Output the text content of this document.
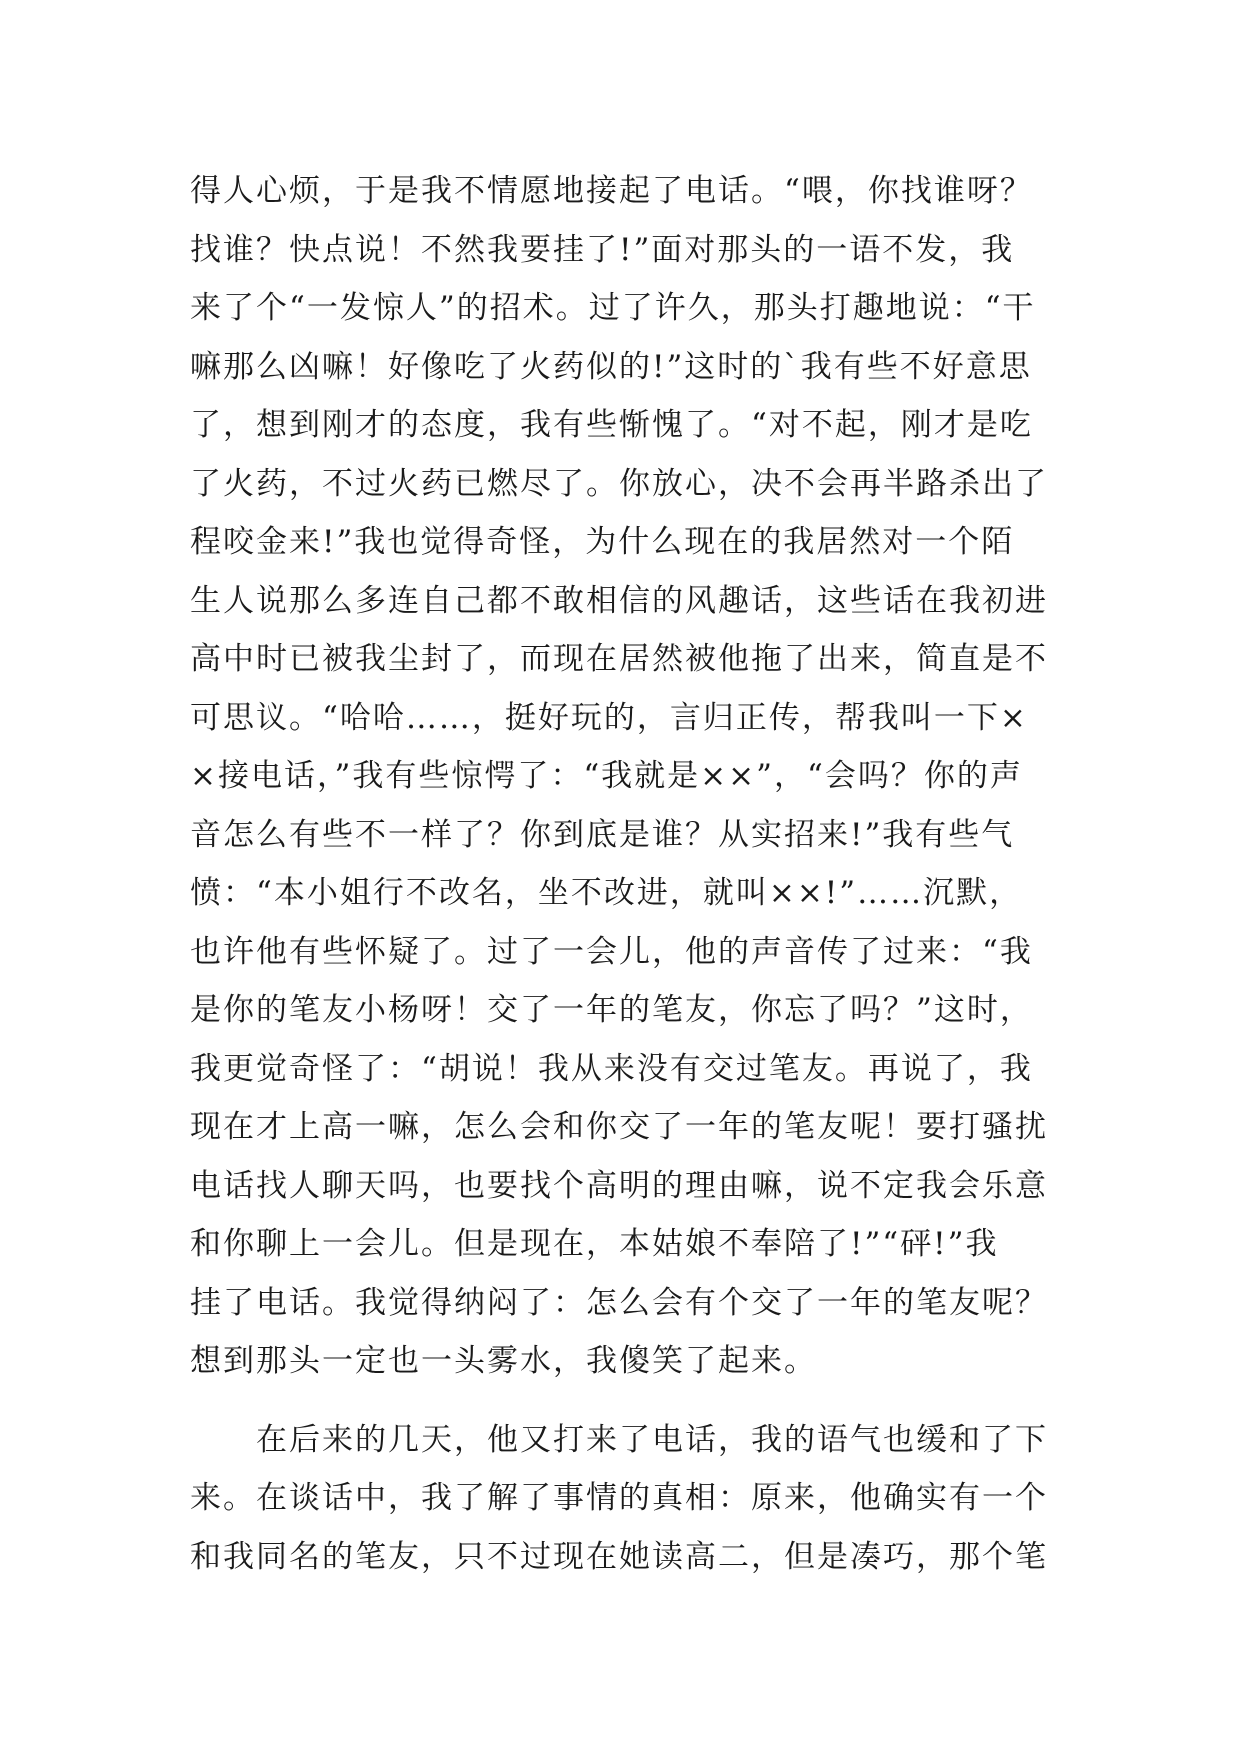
得人心烦，于是我不情愿地接起了电话。“喂，你找谁呀？
找谁？快点说！不然我要挂了!”面对那头的一语不发，我
来了个“一发惊人”的招术。过了许久，那头打趣地说：“干
嘛那么凶嘛！好像吃了火药似的!”这时的`我有些不好意思
了，想到刚才的态度，我有些惭愧了。“对不起，刚才是吃
了火药，不过火药已燃尽了。你放心，决不会再半路杀出了
程咬金来!”我也觉得奇怪，为什么现在的我居然对一个陌
生人说那么多连自己都不敢相信的风趣话，这些话在我初进
高中时已被我尘封了，而现在居然被他拖了出来，简直是不
可思议。“哈哈……，挺好玩的，言归正传，帮我叫一下×
×接电话，”我有些惊愕了：“我就是××”，“会吗？你的声
音怎么有些不一样了？你到底是谁？从实招来!”我有些气
愤：“本小姐行不改名，坐不改进，就叫××!”……沉默，
也许他有些怀疑了。过了一会儿，他的声音传了过来：“我
是你的笔友小杨呀！交了一年的笔友，你忘了吗？”这时，
我更觉奇怪了：“胡说！我从来没有交过笔友。再说了，我
现在才上高一嘛，怎么会和你交了一年的笔友呢！要打骚扰
电话找人聊天吗，也要找个高明的理由嘛，说不定我会乐意
和你聊上一会儿。但是现在，本姑娘不奉陪了!”“砰!”我
挂了电话。我觉得纳闷了：怎么会有个交了一年的笔友呢？
想到那头一定也一头雾水，我傻笑了起来。
在后来的几天，他又打来了电话，我的语气也缓和了下
来。在谈话中，我了解了事情的真相：原来，他确实有一个
和我同名的笔友，只不过现在她读高二，但是凑巧，那个笔
